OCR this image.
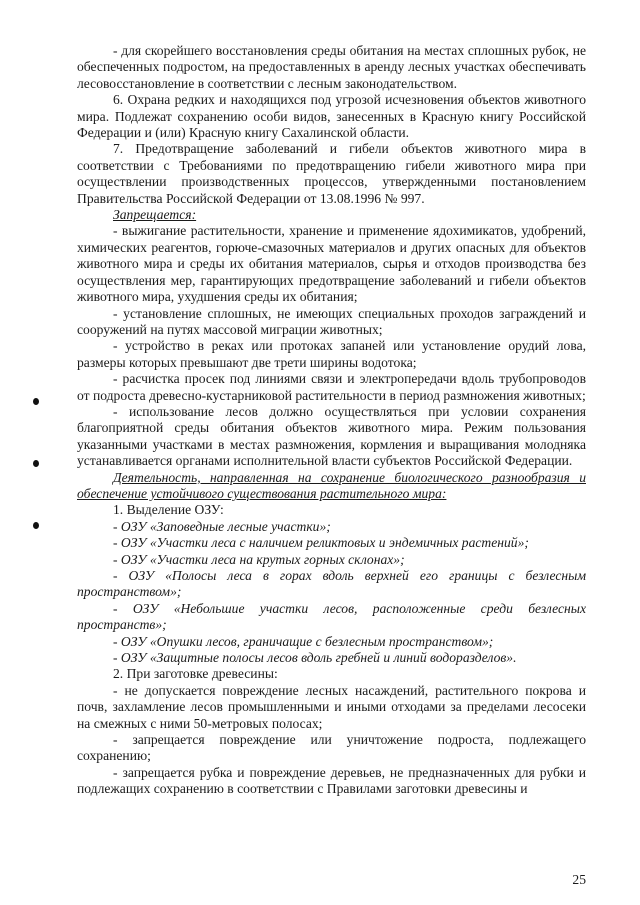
- для скорейшего восстановления среды обитания на местах сплошных рубок, не обеспеченных подростом, на предоставленных в аренду лесных участках обеспечивать лесовосстановление в соответствии с лесным законодательством.

6. Охрана редких и находящихся под угрозой исчезновения объектов животного мира. Подлежат сохранению особи видов, занесенных в Красную книгу Российской Федерации и (или) Красную книгу Сахалинской области.

7. Предотвращение заболеваний и гибели объектов животного мира в соответствии с Требованиями по предотвращению гибели животного мира при осуществлении производственных процессов, утвержденными постановлением Правительства Российской Федерации от 13.08.1996 № 997.

Запрещается:

- выжигание растительности, хранение и применение ядохимикатов, удобрений, химических реагентов, горюче-смазочных материалов и других опасных для объектов животного мира и среды их обитания материалов, сырья и отходов производства без осуществления мер, гарантирующих предотвращение заболеваний и гибели объектов животного мира, ухудшения среды их обитания;

- установление сплошных, не имеющих специальных проходов заграждений и сооружений на путях массовой миграции животных;

- устройство в реках или протоках запаней или установление орудий лова, размеры которых превышают две трети ширины водотока;

- расчистка просек под линиями связи и электропередачи вдоль трубопроводов от подроста древесно-кустарниковой растительности в период размножения животных;

- использование лесов должно осуществляться при условии сохранения благоприятной среды обитания объектов животного мира. Режим пользования указанными участками в местах размножения, кормления и выращивания молодняка устанавливается органами исполнительной власти субъектов Российской Федерации.

Деятельность, направленная на сохранение биологического разнообразия и обеспечение устойчивого существования растительного мира:

1. Выделение ОЗУ:

- ОЗУ «Заповедные лесные участки»;

- ОЗУ «Участки леса с наличием реликтовых и эндемичных растений»;

- ОЗУ «Участки леса на крутых горных склонах»;

- ОЗУ «Полосы леса в горах вдоль верхней его границы с безлесным пространством»;

- ОЗУ «Небольшие участки лесов, расположенные среди безлесных пространств»;

- ОЗУ «Опушки лесов, граничащие с безлесным пространством»;

- ОЗУ «Защитные полосы лесов вдоль гребней и линий водоразделов».

2. При заготовке древесины:

- не допускается повреждение лесных насаждений, растительного покрова и почв, захламление лесов промышленными и иными отходами за пределами лесосеки на смежных с ними 50-метровых полосах;

- запрещается повреждение или уничтожение подроста, подлежащего сохранению;

- запрещается рубка и повреждение деревьев, не предназначенных для рубки и подлежащих сохранению в соответствии с Правилами заготовки древесины и

25
